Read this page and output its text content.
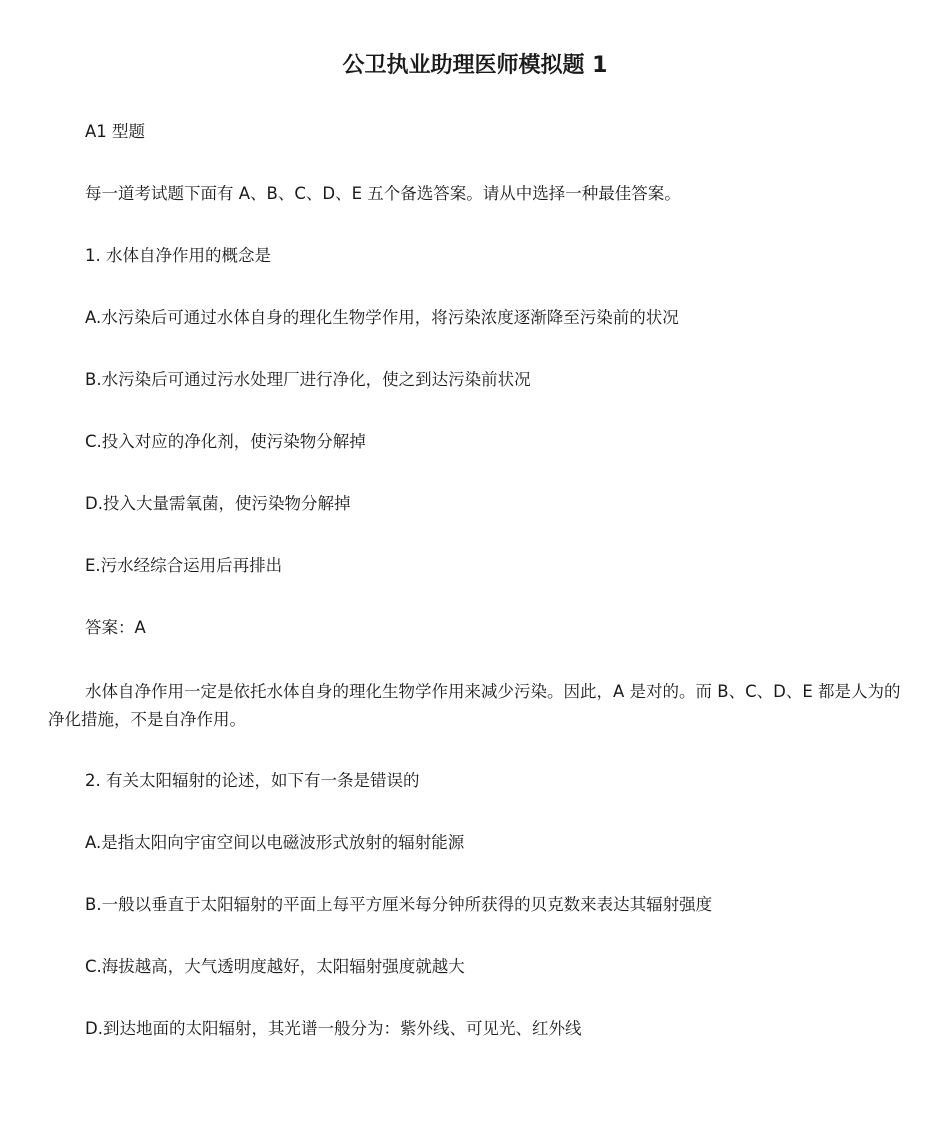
公卫执业助理医师模拟题 1

A1 型题

每一道考试题下面有 A、B、C、D、E 五个备选答案。请从中选择一种最佳答案。

1. 水体自净作用的概念是

A.水污染后可通过水体自身的理化生物学作用，将污染浓度逐渐降至污染前的状况

B.水污染后可通过污水处理厂进行净化，使之到达污染前状况

C.投入对应的净化剂，使污染物分解掉

D.投入大量需氧菌，使污染物分解掉

E.污水经综合运用后再排出

答案：A

水体自净作用一定是依托水体自身的理化生物学作用来减少污染。因此，A 是对的。而 B、C、D、E 都是人为的净化措施，不是自净作用。

2. 有关太阳辐射的论述，如下有一条是错误的

A.是指太阳向宇宙空间以电磁波形式放射的辐射能源

B.一般以垂直于太阳辐射的平面上每平方厘米每分钟所获得的贝克数来表达其辐射强度

C.海拔越高，大气透明度越好，太阳辐射强度就越大

D.到达地面的太阳辐射，其光谱一般分为：紫外线、可见光、红外线
